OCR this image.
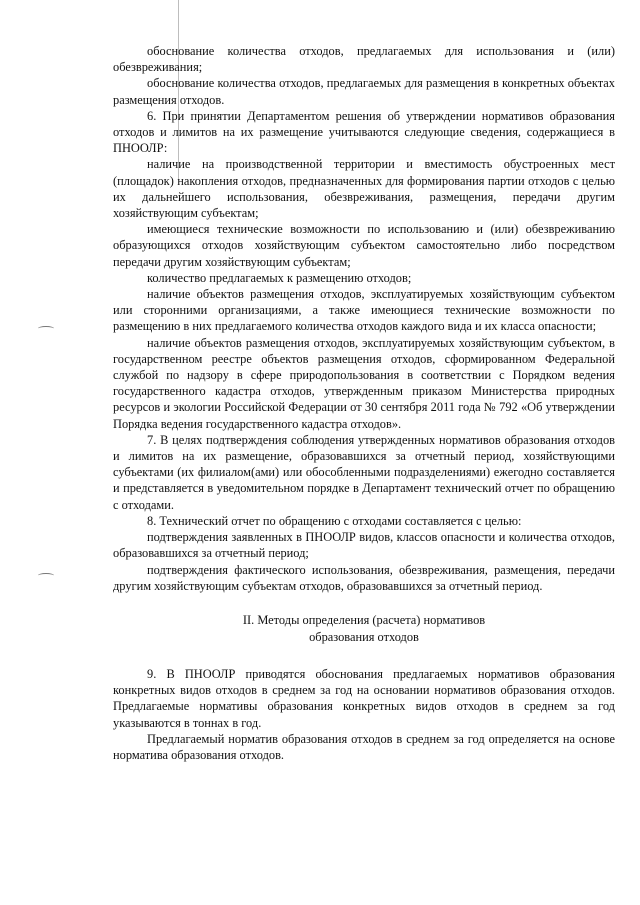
обоснование количества отходов, предлагаемых для использования и (или) обезвреживания;

обоснование количества отходов, предлагаемых для размещения в конкретных объектах размещения отходов.

6. При принятии Департаментом решения об утверждении нормативов образования отходов и лимитов на их размещение учитываются следующие сведения, содержащиеся в ПНООЛР:

наличие на производственной территории и вместимость обустроенных мест (площадок) накопления отходов, предназначенных для формирования партии отходов с целью их дальнейшего использования, обезвреживания, размещения, передачи другим хозяйствующим субъектам;

имеющиеся технические возможности по использованию и (или) обезвреживанию образующихся отходов хозяйствующим субъектом самостоятельно либо посредством передачи другим хозяйствующим субъектам;

количество предлагаемых к размещению отходов;

наличие объектов размещения отходов, эксплуатируемых хозяйствующим субъектом или сторонними организациями, а также имеющиеся технические возможности по размещению в них предлагаемого количества отходов каждого вида и их класса опасности;

наличие объектов размещения отходов, эксплуатируемых хозяйствующим субъектом, в государственном реестре объектов размещения отходов, сформированном Федеральной службой по надзору в сфере природопользования в соответствии с Порядком ведения государственного кадастра отходов, утвержденным приказом Министерства природных ресурсов и экологии Российской Федерации от 30 сентября 2011 года № 792 «Об утверждении Порядка ведения государственного кадастра отходов».

7. В целях подтверждения соблюдения утвержденных нормативов образования отходов и лимитов на их размещение, образовавшихся за отчетный период, хозяйствующими субъектами (их филиалом(ами) или обособленными подразделениями) ежегодно составляется и представляется в уведомительном порядке в Департамент технический отчет по обращению с отходами.

8. Технический отчет по обращению с отходами составляется с целью:

подтверждения заявленных в ПНООЛР видов, классов опасности и количества отходов, образовавшихся за отчетный период;

подтверждения фактического использования, обезвреживания, размещения, передачи другим хозяйствующим субъектам отходов, образовавшихся за отчетный период.

II. Методы определения (расчета) нормативов
образования отходов

9. В ПНООЛР приводятся обоснования предлагаемых нормативов образования конкретных видов отходов в среднем за год на основании нормативов образования отходов. Предлагаемые нормативы образования конкретных видов отходов в среднем за год указываются в тоннах в год.

Предлагаемый норматив образования отходов в среднем за год определяется на основе норматива образования отходов.
